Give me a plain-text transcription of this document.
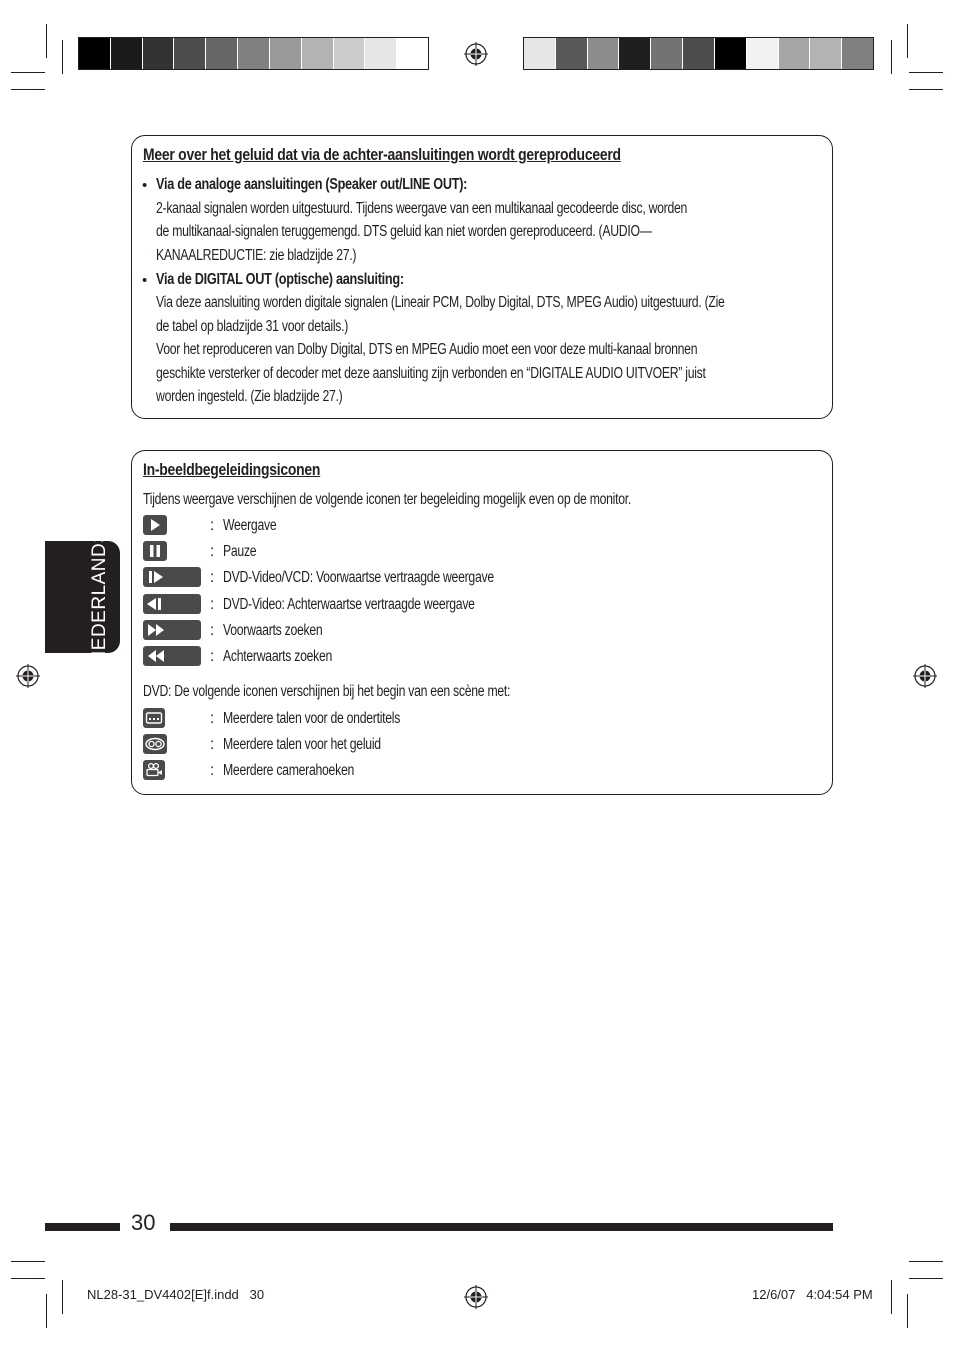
Meer over het geluid dat via de achter-aansluitingen wordt gereproduceerd
• Via de analoge aansluitingen (Speaker out/LINE OUT):
2-kanaal signalen worden uitgestuurd. Tijdens weergave van een multikanaal gecodeerde disc, worden
de multikanaal-signalen teruggemengd. DTS geluid kan niet worden gereproduceerd. (AUDIO—
KANAALREDUCTIE: zie bladzijde 27.)
• Via de DIGITAL OUT (optische) aansluiting:
Via deze aansluiting worden digitale signalen (Lineair PCM, Dolby Digital, DTS, MPEG Audio) uitgestuurd. (Zie
de tabel op bladzijde 31 voor details.)
Voor het reproduceren van Dolby Digital, DTS en MPEG Audio moet een voor deze multi-kanaal bronnen
geschikte versterker of decoder met deze aansluiting zijn verbonden en “DIGITALE AUDIO UITVOER” juist
worden ingesteld. (Zie bladzijde 27.)
In-beeldbegeleidingsiconen
Tijdens weergave verschijnen de volgende iconen ter begeleiding mogelijk even op de monitor.
: Weergave
: Pauze
: DVD-Video/VCD: Voorwaartse vertraagde weergave
: DVD-Video: Achterwaartse vertraagde weergave
: Voorwaarts zoeken
: Achterwaarts zoeken
DVD: De volgende iconen verschijnen bij het begin van een scène met:
: Meerdere talen voor de ondertitels
: Meerdere talen voor het geluid
: Meerdere camerahoeken
NEDERLANDS
30
NL28-31_DV4402[E]f.indd   30	12/6/07   4:04:54 PM
